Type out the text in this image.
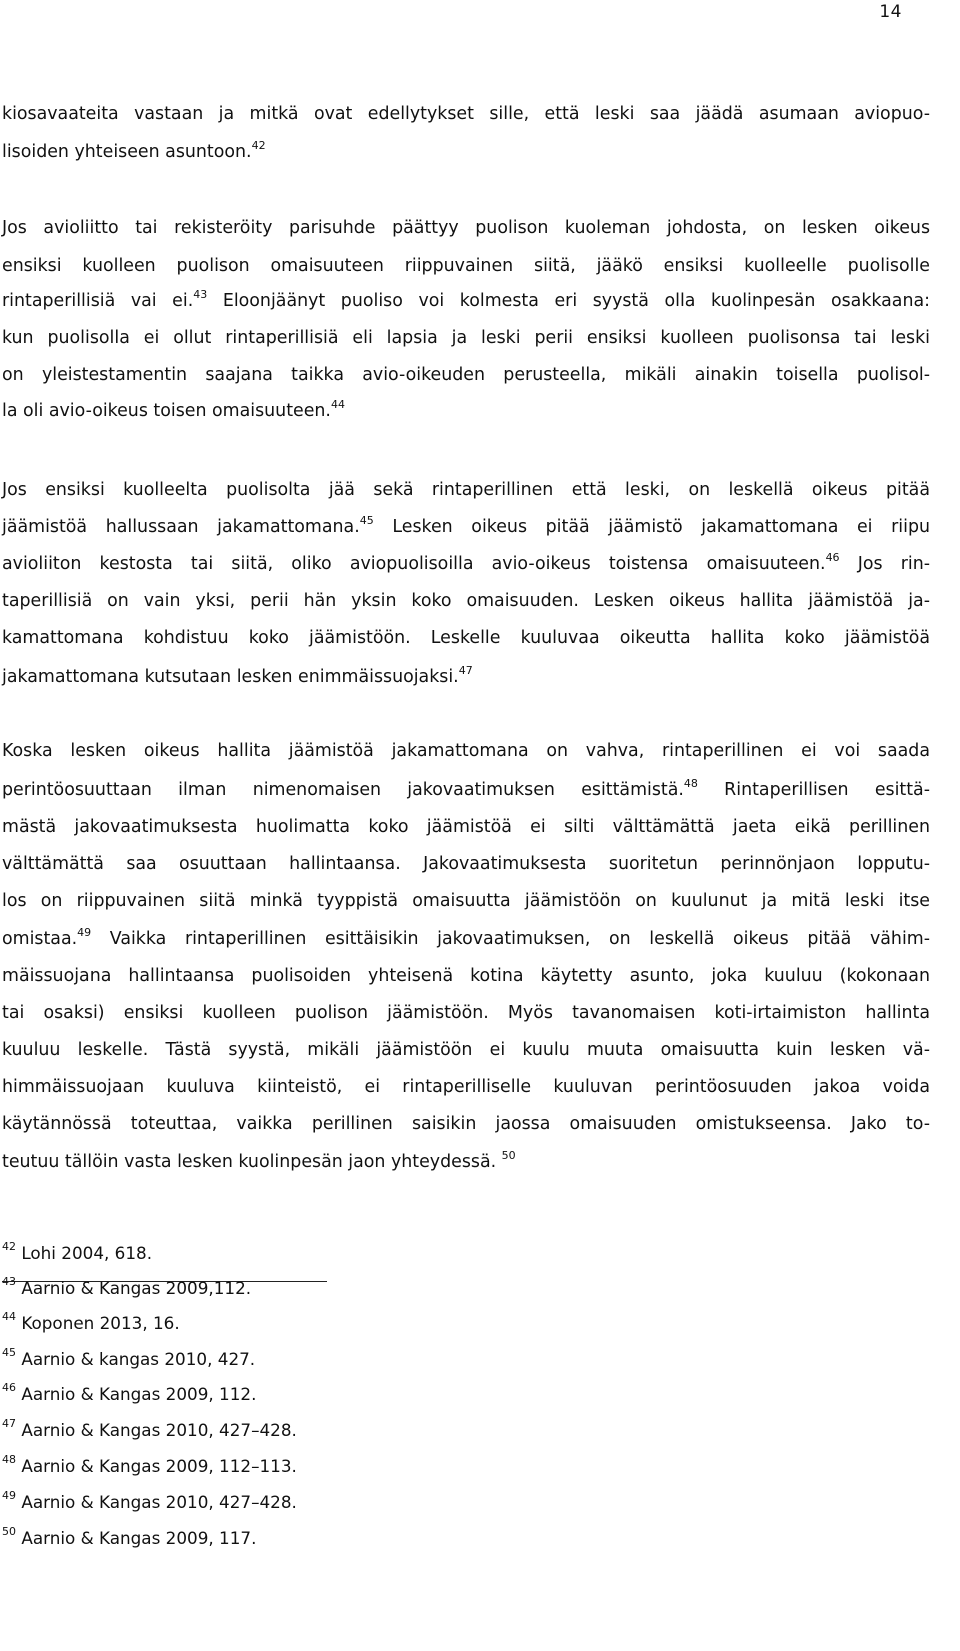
14
kiosavaateita vastaan ja mitkä ovat edellytykset sille, että leski saa jäädä asumaan aviopuo-
lisoiden yhteiseen asuntoon.$^{42}$
Jos avioliitto tai rekisteröity parisuhde päättyy puolison kuoleman johdosta, on lesken oikeus
ensiksi kuolleen puolison omaisuuteen riippuvainen siitä, jääkö ensiksi kuolleelle puolisolle
rintaperillisiä vai ei.$^{43}$ Eloonjäänyt puoliso voi kolmesta eri syystä olla kuolinpesän osakkaana:
kun puolisolla ei ollut rintaperillisiä eli lapsia ja leski perii ensiksi kuolleen puolisonsa tai leski
on yleistestamentin saajana taikka avio-oikeuden perusteella, mikäli ainakin toisella puolisol-
la oli avio-oikeus toisen omaisuuteen.$^{44}$
Jos ensiksi kuolleelta puolisolta jää sekä rintaperillinen että leski, on leskellä oikeus pitää
jäämistöä hallussaan jakamattomana.$^{45}$ Lesken oikeus pitää jäämistö jakamattomana ei riipu
avioliiton kestosta tai siitä, oliko aviopuolisoilla avio-oikeus toistensa omaisuuteen.$^{46}$ Jos rin-
taperillisiä on vain yksi, perii hän yksin koko omaisuuden. Lesken oikeus hallita jäämistöä ja-
kamattomana kohdistuu koko jäämistöön. Leskelle kuuluvaa oikeutta hallita koko jäämistöä
jakamattomana kutsutaan lesken enimmäissuojaksi.$^{47}$
Koska lesken oikeus hallita jäämistöä jakamattomana on vahva, rintaperillinen ei voi saada
perintöosuuttaan ilman nimenomaisen jakovaatimuksen esittämistä.$^{48}$ Rintaperillisen esittä-
mästä jakovaatimuksesta huolimatta koko jäämistöä ei silti välttämättä jaeta eikä perillinen
välttämättä saa osuuttaan hallintaansa. Jakovaatimuksesta suoritetun perinnönjaon lopputu-
los on riippuvainen siitä minkä tyyppistä omaisuutta jäämistöön on kuulunut ja mitä leski itse
omistaa.$^{49}$ Vaikka rintaperillinen esittäisikin jakovaatimuksen, on leskellä oikeus pitää vähim-
mäissuojana hallintaansa puolisoiden yhteisenä kotina käytetty asunto, joka kuuluu (kokonaan
tai osaksi) ensiksi kuolleen puolison jäämistöön. Myös tavanomaisen koti-irtaimiston hallinta
kuuluu leskelle. Tästä syystä, mikäli jäämistöön ei kuulu muuta omaisuutta kuin lesken vä-
himmäissuojaan kuuluva kiinteistö, ei rintaperilliselle kuuluvan perintöosuuden jakoa voida
käytännössä toteuttaa, vaikka perillinen saisikin jaossa omaisuuden omistukseensa. Jako to-
teutuu tällöin vasta lesken kuolinpesän jaon yhteydessä. $^{50}$
$^{42}$ Lohi 2004, 618.
$^{43}$ Aarnio & Kangas 2009,112.
$^{44}$ Koponen 2013, 16.
$^{45}$ Aarnio & kangas 2010, 427.
$^{46}$ Aarnio & Kangas 2009, 112.
$^{47}$ Aarnio & Kangas 2010, 427–428.
$^{48}$ Aarnio & Kangas 2009, 112–113.
$^{49}$ Aarnio & Kangas 2010, 427–428.
$^{50}$ Aarnio & Kangas 2009, 117.
